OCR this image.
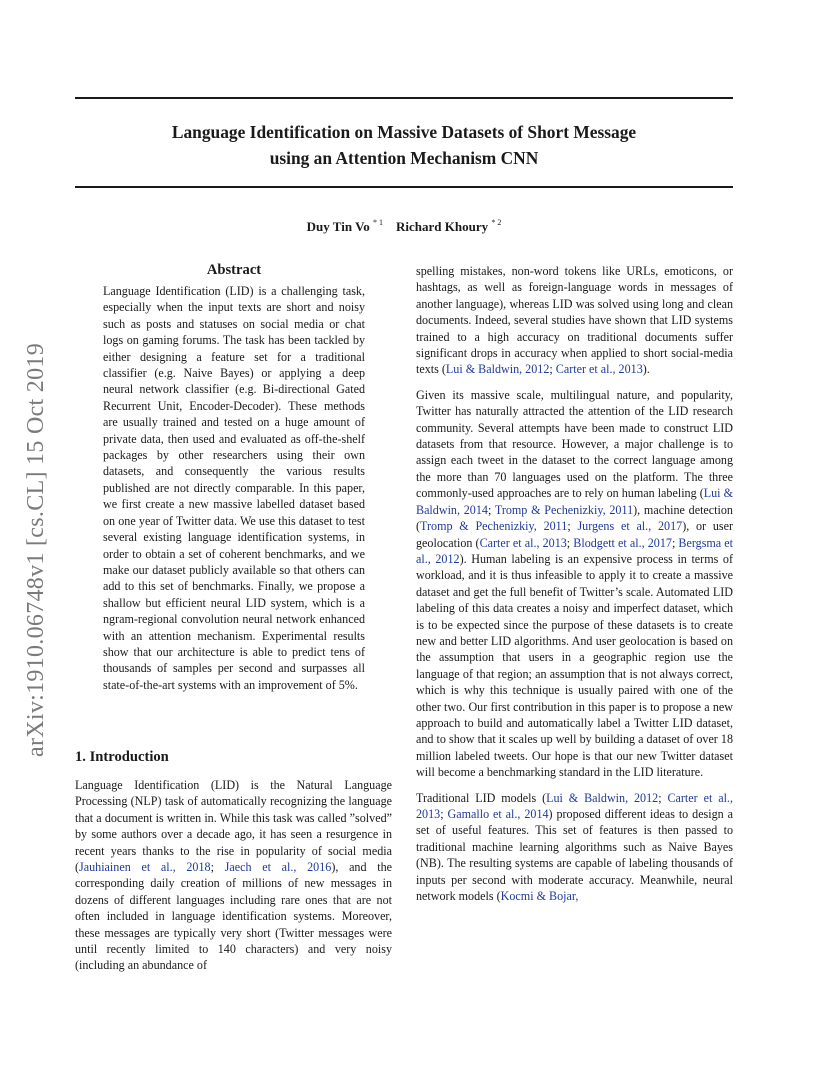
arXiv:1910.06748v1 [cs.CL] 15 Oct 2019
Language Identification on Massive Datasets of Short Message
using an Attention Mechanism CNN
Duy Tin Vo $^{* 1}$ Richard Khoury $^{* 2}$
Abstract

Language Identification (LID) is a challenging task, especially when the input texts are short and noisy such as posts and statuses on social media or chat logs on gaming forums. The task has been tackled by either designing a feature set for a traditional classifier (e.g. Naive Bayes) or applying a deep neural network classifier (e.g. Bi-directional Gated Recurrent Unit, Encoder-Decoder). These methods are usually trained and tested on a huge amount of private data, then used and evaluated as off-the-shelf packages by other researchers using their own datasets, and consequently the various results published are not directly comparable. In this paper, we first create a new massive labelled dataset based on one year of Twitter data. We use this dataset to test several existing language identification systems, in order to obtain a set of coherent benchmarks, and we make our dataset publicly available so that others can add to this set of benchmarks. Finally, we propose a shallow but efficient neural LID system, which is a ngram-regional convolution neural network enhanced with an attention mechanism. Experimental results show that our architecture is able to predict tens of thousands of samples per second and surpasses all state-of-the-art systems with an improvement of 5%.

1. Introduction

Language Identification (LID) is the Natural Language Processing (NLP) task of automatically recognizing the language that a document is written in. While this task was called ”solved” by some authors over a decade ago, it has seen a resurgence in recent years thanks to the rise in popularity of social media (Jauhiainen et al., 2018; Jaech et al., 2016), and the corresponding daily creation of millions of new messages in dozens of different languages including rare ones that are not often included in language identification systems. Moreover, these messages are typically very short (Twitter messages were until recently limited to 140 characters) and very noisy (including an abundance of

spelling mistakes, non-word tokens like URLs, emoticons, or hashtags, as well as foreign-language words in messages of another language), whereas LID was solved using long and clean documents. Indeed, several studies have shown that LID systems trained to a high accuracy on traditional documents suffer significant drops in accuracy when applied to short social-media texts (Lui & Baldwin, 2012; Carter et al., 2013).

Given its massive scale, multilingual nature, and popularity, Twitter has naturally attracted the attention of the LID research community. Several attempts have been made to construct LID datasets from that resource. However, a major challenge is to assign each tweet in the dataset to the correct language among the more than 70 languages used on the platform. The three commonly-used approaches are to rely on human labeling (Lui & Baldwin, 2014; Tromp & Pechenizkiy, 2011), machine detection (Tromp & Pechenizkiy, 2011; Jurgens et al., 2017), or user geolocation (Carter et al., 2013; Blodgett et al., 2017; Bergsma et al., 2012). Human labeling is an expensive process in terms of workload, and it is thus infeasible to apply it to create a massive dataset and get the full benefit of Twitter’s scale. Automated LID labeling of this data creates a noisy and imperfect dataset, which is to be expected since the purpose of these datasets is to create new and better LID algorithms. And user geolocation is based on the assumption that users in a geographic region use the language of that region; an assumption that is not always correct, which is why this technique is usually paired with one of the other two. Our first contribution in this paper is to propose a new approach to build and automatically label a Twitter LID dataset, and to show that it scales up well by building a dataset of over 18 million labeled tweets. Our hope is that our new Twitter dataset will become a benchmarking standard in the LID literature.

Traditional LID models (Lui & Baldwin, 2012; Carter et al., 2013; Gamallo et al., 2014) proposed different ideas to design a set of useful features. This set of features is then passed to traditional machine learning algorithms such as Naive Bayes (NB). The resulting systems are capable of labeling thousands of inputs per second with moderate accuracy. Meanwhile, neural network models (Kocmi & Bojar,
